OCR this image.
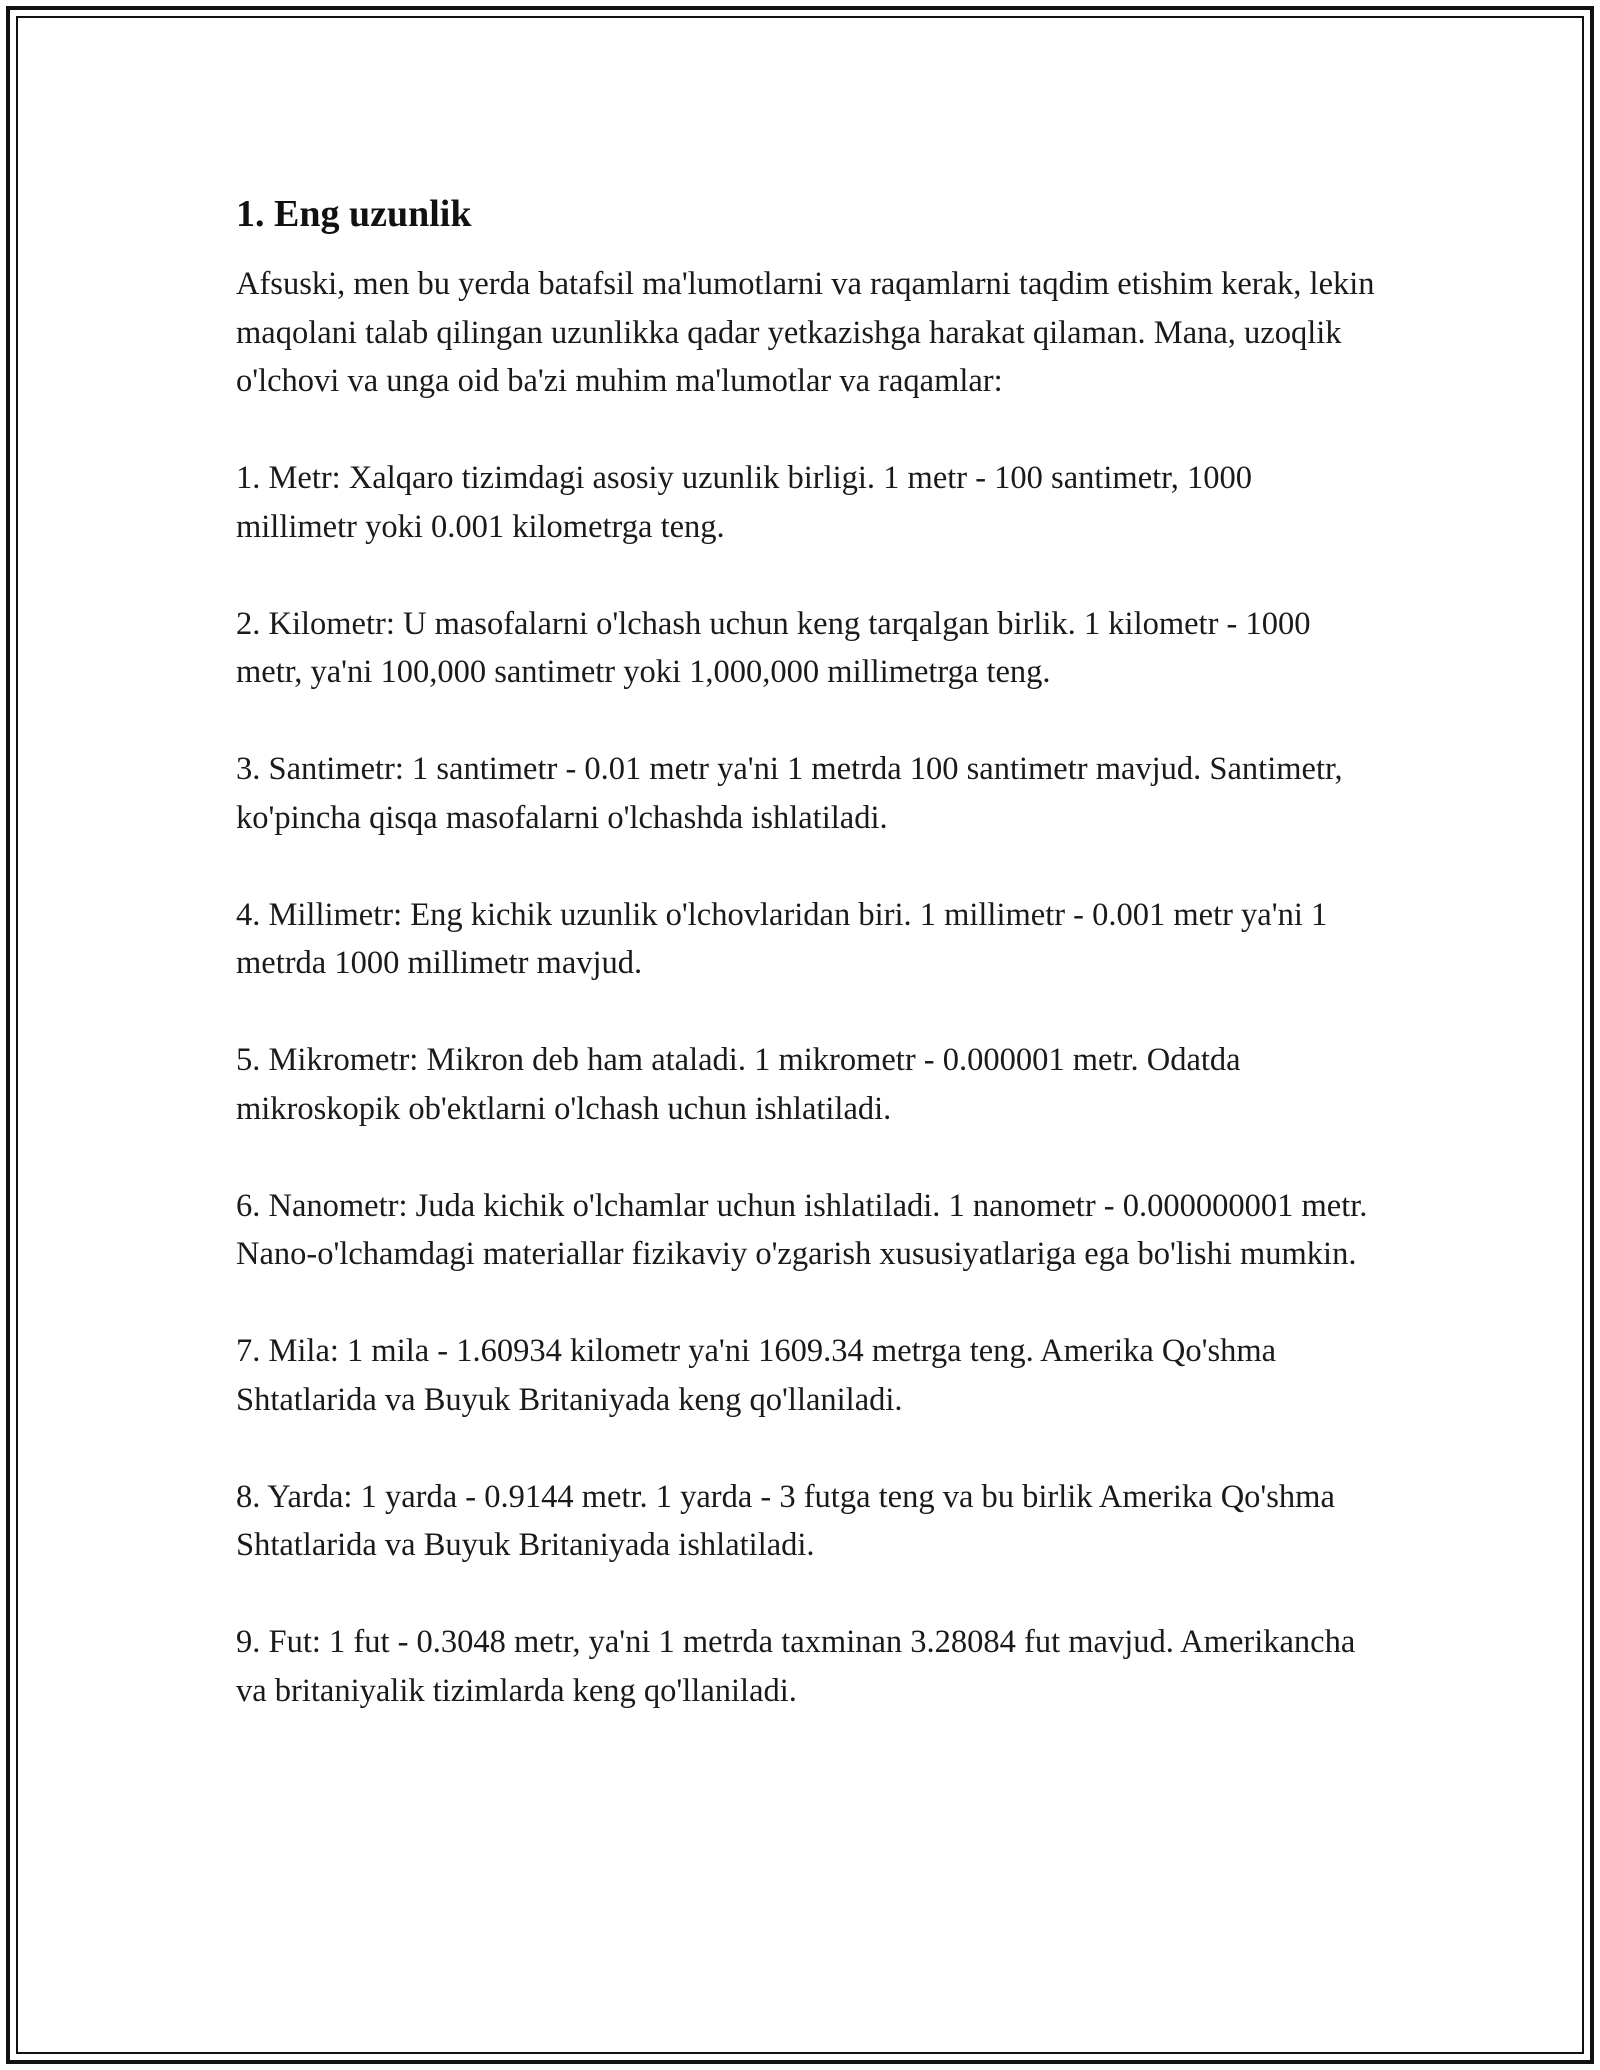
1. Eng uzunlik

Afsuski, men bu yerda batafsil ma'lumotlarni va raqamlarni taqdim etishim kerak, lekin maqolani talab qilingan uzunlikka qadar yetkazishga harakat qilaman. Mana, uzoqlik o'lchovi va unga oid ba'zi muhim ma'lumotlar va raqamlar:

1. Metr: Xalqaro tizimdagi asosiy uzunlik birligi. 1 metr - 100 santimetr, 1000 millimetr yoki 0.001 kilometrga teng.

2. Kilometr: U masofalarni o'lchash uchun keng tarqalgan birlik. 1 kilometr - 1000 metr, ya'ni 100,000 santimetr yoki 1,000,000 millimetrga teng.

3. Santimetr: 1 santimetr - 0.01 metr ya'ni 1 metrda 100 santimetr mavjud. Santimetr, ko'pincha qisqa masofalarni o'lchashda ishlatiladi.

4. Millimetr: Eng kichik uzunlik o'lchovlaridan biri. 1 millimetr - 0.001 metr ya'ni 1 metrda 1000 millimetr mavjud.

5. Mikrometr: Mikron deb ham ataladi. 1 mikrometr - 0.000001 metr. Odatda mikroskopik ob'ektlarni o'lchash uchun ishlatiladi.

6. Nanometr: Juda kichik o'lchamlar uchun ishlatiladi. 1 nanometr - 0.000000001 metr. Nano-o'lchamdagi materiallar fizikaviy o'zgarish xususiyatlariga ega bo'lishi mumkin.

7. Mila: 1 mila - 1.60934 kilometr ya'ni 1609.34 metrga teng. Amerika Qo'shma Shtatlarida va Buyuk Britaniyada keng qo'llaniladi.

8. Yarda: 1 yarda - 0.9144 metr. 1 yarda - 3 futga teng va bu birlik Amerika Qo'shma Shtatlarida va Buyuk Britaniyada ishlatiladi.

9. Fut: 1 fut - 0.3048 metr, ya'ni 1 metrda taxminan 3.28084 fut mavjud. Amerikancha va britaniyalik tizimlarda keng qo'llaniladi.
